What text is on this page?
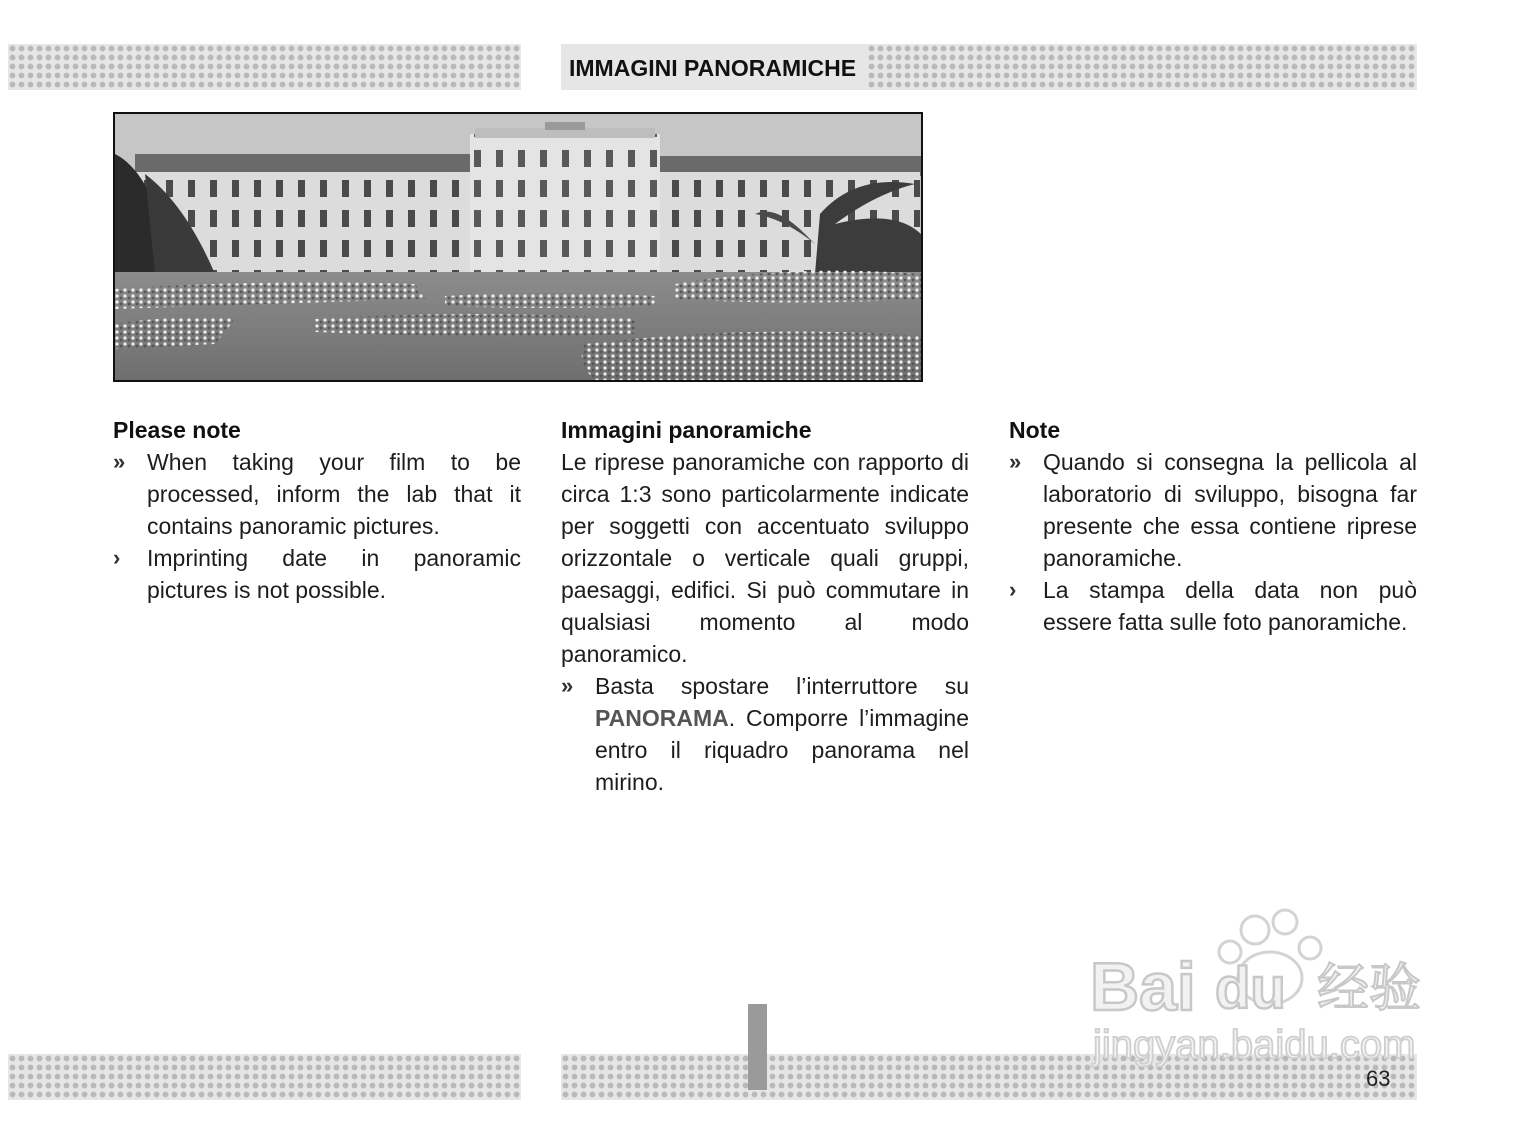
IMMAGINI PANORAMICHE
Please note
» When taking your film to be processed, inform the lab that it contains panoramic pictures.
›	Imprinting date in panoramic pictures is not possible.
Immagini panoramiche

Le riprese panoramiche con rapporto di circa 1:3 sono particolarmente indicate per soggetti con accentuato sviluppo orizzontale o verticale quali gruppi, paesaggi, edifici. Si può commutare in qualsiasi momento al modo panoramico.

» Basta spostare l’interruttore su PANORAMA. Comporre l’immagine entro il riquadro panorama nel mirino.
Note
» Quando si consegna la pellicola al laboratorio di sviluppo, bisogna far presente che essa contiene riprese panoramiche.
›	La stampa della data non può essere fatta sulle foto panoramiche.
Bai du 经验
jingyan.baidu.com
63
